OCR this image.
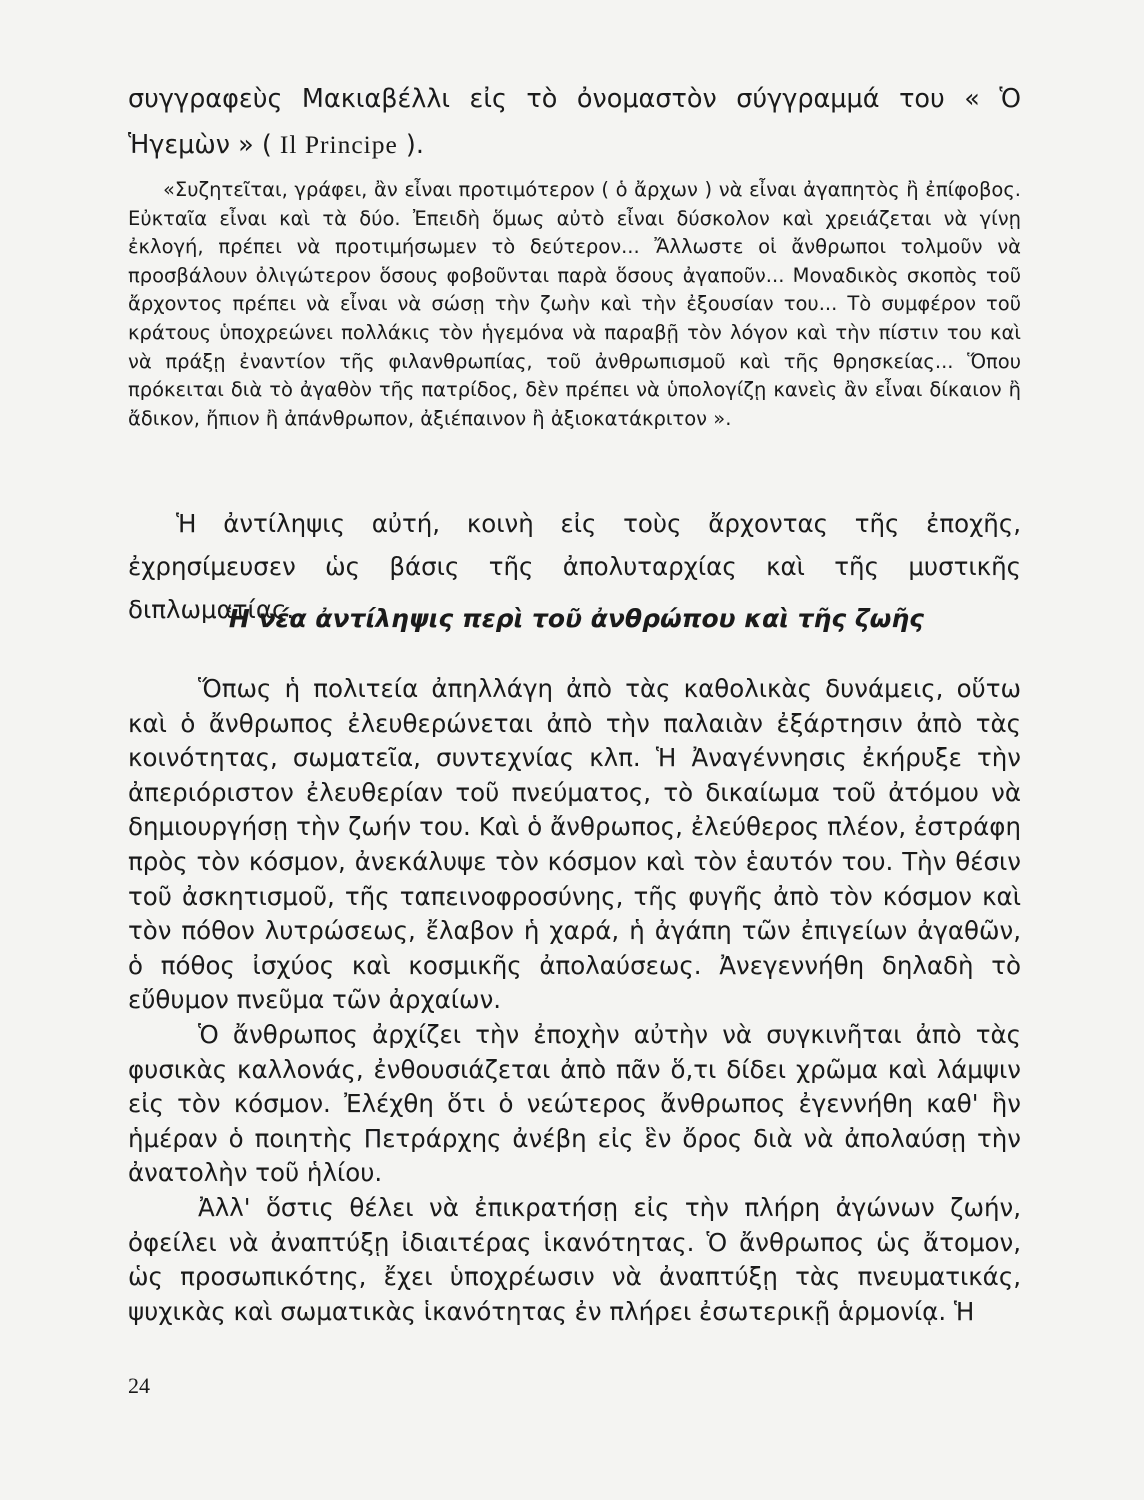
συγγραφεὺς Μακιαβέλλι εἰς τὸ ὀνομαστὸν σύγγραμμά του « Ὁ Ἡγεμὼν » ( Il Principe ).
«Συζητεῖται, γράφει, ἂν εἶναι προτιμότερον ( ὁ ἄρχων ) νὰ εἶναι ἀγαπητὸς ἢ ἐπίφοβος. Εὐκταῖα εἶναι καὶ τὰ δύο. Ἐπειδὴ ὅμως αὐτὸ εἶναι δύσκολον καὶ χρειάζεται νὰ γίνῃ ἐκλογή, πρέπει νὰ προτιμήσωμεν τὸ δεύτερον... Ἄλλωστε οἱ ἄνθρωποι τολμοῦν νὰ προσβάλουν ὀλιγώτερον ὅσους φοβοῦνται παρὰ ὅσους ἀγαποῦν... Μοναδικὸς σκοπὸς τοῦ ἄρχοντος πρέπει νὰ εἶναι νὰ σώσῃ τὴν ζωὴν καὶ τὴν ἐξουσίαν του... Τὸ συμφέρον τοῦ κράτους ὑποχρεώνει πολλάκις τὸν ἡγεμόνα νὰ παραβῇ τὸν λόγον καὶ τὴν πίστιν του καὶ νὰ πράξῃ ἐναντίον τῆς φιλανθρωπίας, τοῦ ἀνθρωπισμοῦ καὶ τῆς θρησκείας... Ὅπου πρόκειται διὰ τὸ ἀγαθὸν τῆς πατρίδος, δὲν πρέπει νὰ ὑπολογίζῃ κανεὶς ἂν εἶναι δίκαιον ἢ ἄδικον, ἤπιον ἢ ἀπάνθρωπον, ἀξιέπαινον ἢ ἀξιοκατάκριτον ».
Ἡ ἀντίληψις αὐτή, κοινὴ εἰς τοὺς ἄρχοντας τῆς ἐποχῆς, ἐχρησίμευσεν ὡς βάσις τῆς ἀπολυταρχίας καὶ τῆς μυστικῆς διπλωματίας.
Ἡ νέα ἀντίληψις περὶ τοῦ ἀνθρώπου καὶ τῆς ζωῆς

Ὅπως ἡ πολιτεία ἀπηλλάγη ἀπὸ τὰς καθολικὰς δυνάμεις, οὕτω καὶ ὁ ἄνθρωπος ἐλευθερώνεται ἀπὸ τὴν παλαιὰν ἐξάρτησιν ἀπὸ τὰς κοινότητας, σωματεῖα, συντεχνίας κλπ. Ἡ Ἀναγέννησις ἐκήρυξε τὴν ἀπεριόριστον ἐλευθερίαν τοῦ πνεύματος, τὸ δικαίωμα τοῦ ἀτόμου νὰ δημιουργήσῃ τὴν ζωήν του. Καὶ ὁ ἄνθρωπος, ἐλεύθερος πλέον, ἐστράφη πρὸς τὸν κόσμον, ἀνεκάλυψε τὸν κόσμον καὶ τὸν ἑαυτόν του. Τὴν θέσιν τοῦ ἀσκητισμοῦ, τῆς ταπεινοφροσύνης, τῆς φυγῆς ἀπὸ τὸν κόσμον καὶ τὸν πόθον λυτρώσεως, ἔλαβον ἡ χαρά, ἡ ἀγάπη τῶν ἐπιγείων ἀγαθῶν, ὁ πόθος ἰσχύος καὶ κοσμικῆς ἀπολαύσεως. Ἀνεγεννήθη δηλαδὴ τὸ εὔθυμον πνεῦμα τῶν ἀρχαίων.

Ὁ ἄνθρωπος ἀρχίζει τὴν ἐποχὴν αὐτὴν νὰ συγκινῆται ἀπὸ τὰς φυσικὰς καλλονάς, ἐνθουσιάζεται ἀπὸ πᾶν ὅ,τι δίδει χρῶμα καὶ λάμψιν εἰς τὸν κόσμον. Ἐλέχθη ὅτι ὁ νεώτερος ἄνθρωπος ἐγεννήθη καθ' ἣν ἡμέραν ὁ ποιητὴς Πετράρχης ἀνέβη εἰς ἓν ὄρος διὰ νὰ ἀπολαύσῃ τὴν ἀνατολὴν τοῦ ἡλίου.

Ἀλλ' ὅστις θέλει νὰ ἐπικρατήσῃ εἰς τὴν πλήρη ἀγώνων ζωήν, ὀφείλει νὰ ἀναπτύξῃ ἰδιαιτέρας ἱκανότητας. Ὁ ἄνθρωπος ὡς ἄτομον, ὡς προσωπικότης, ἔχει ὑποχρέωσιν νὰ ἀναπτύξῃ τὰς πνευματικάς, ψυχικὰς καὶ σωματικὰς ἱκανότητας ἐν πλήρει ἐσωτερικῇ ἁρμονίᾳ. Ἡ

24
